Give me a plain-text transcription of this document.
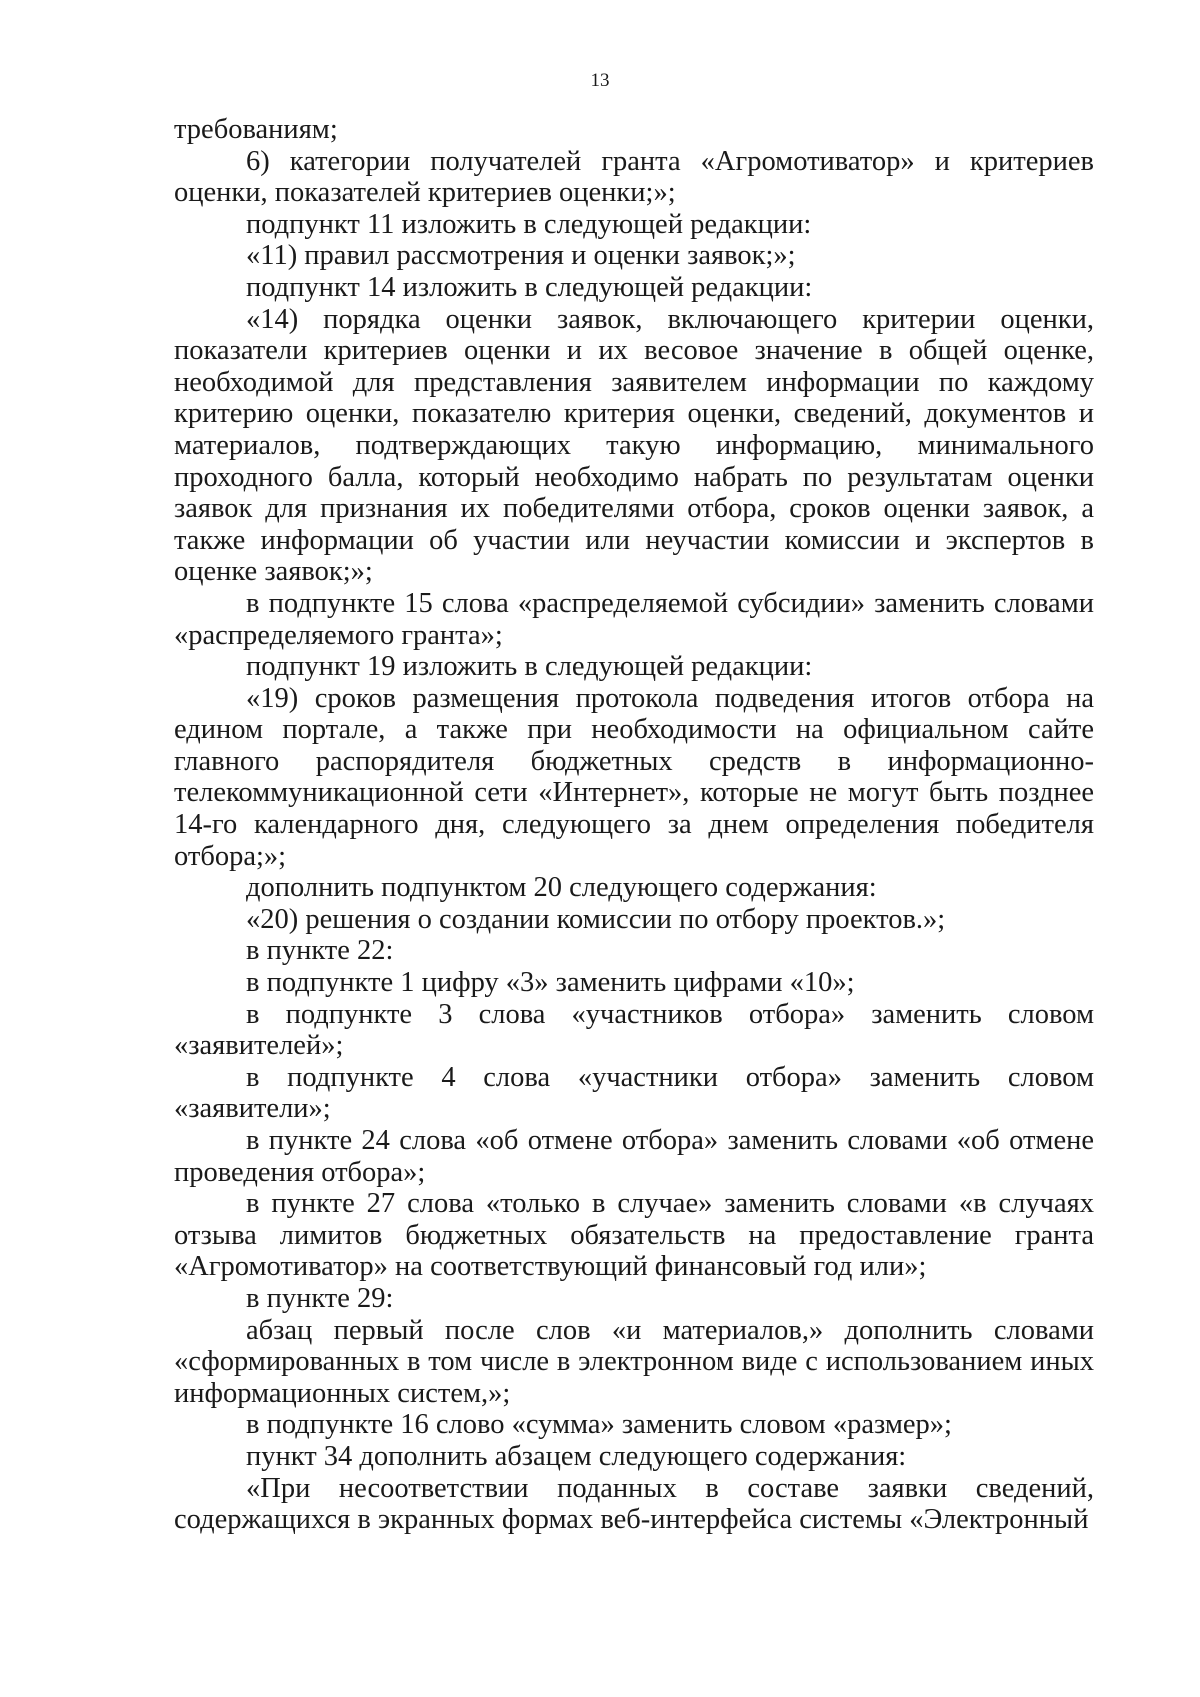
13

требованиям;

6) категории получателей гранта «Агромотиватор» и критериев оценки, показателей критериев оценки;»;

подпункт 11 изложить в следующей редакции:

«11) правил рассмотрения и оценки заявок;»;

подпункт 14 изложить в следующей редакции:

«14) порядка оценки заявок, включающего критерии оценки, показатели критериев оценки и их весовое значение в общей оценке, необходимой для представления заявителем информации по каждому критерию оценки, показателю критерия оценки, сведений, документов и материалов, подтверждающих такую информацию, минимального проходного балла, который необходимо набрать по результатам оценки заявок для признания их победителями отбора, сроков оценки заявок, а также информации об участии или неучастии комиссии и экспертов в оценке заявок;»;

в подпункте 15 слова «распределяемой субсидии» заменить словами «распределяемого гранта»;

подпункт 19 изложить в следующей редакции:

«19) сроков размещения протокола подведения итогов отбора на едином портале, а также при необходимости на официальном сайте главного распорядителя бюджетных средств в информационно-телекоммуникационной сети «Интернет», которые не могут быть позднее 14-го календарного дня, следующего за днем определения победителя отбора;»;

дополнить подпунктом 20 следующего содержания:

«20) решения о создании комиссии по отбору проектов.»;

в пункте 22:

в подпункте 1 цифру «3» заменить цифрами «10»;

в подпункте 3 слова «участников отбора» заменить словом «заявителей»;

в подпункте 4 слова «участники отбора» заменить словом «заявители»;

в пункте 24 слова «об отмене отбора» заменить словами «об отмене проведения отбора»;

в пункте 27 слова «только в случае» заменить словами «в случаях отзыва лимитов бюджетных обязательств на предоставление гранта «Агромотиватор» на соответствующий финансовый год или»;

в пункте 29:

абзац первый после слов «и материалов,» дополнить словами «сформированных в том числе в электронном виде с использованием иных информационных систем,»;

в подпункте 16 слово «сумма» заменить словом «размер»;

пункт 34 дополнить абзацем следующего содержания:

«При несоответствии поданных в составе заявки сведений, содержащихся в экранных формах веб-интерфейса системы «Электронный
